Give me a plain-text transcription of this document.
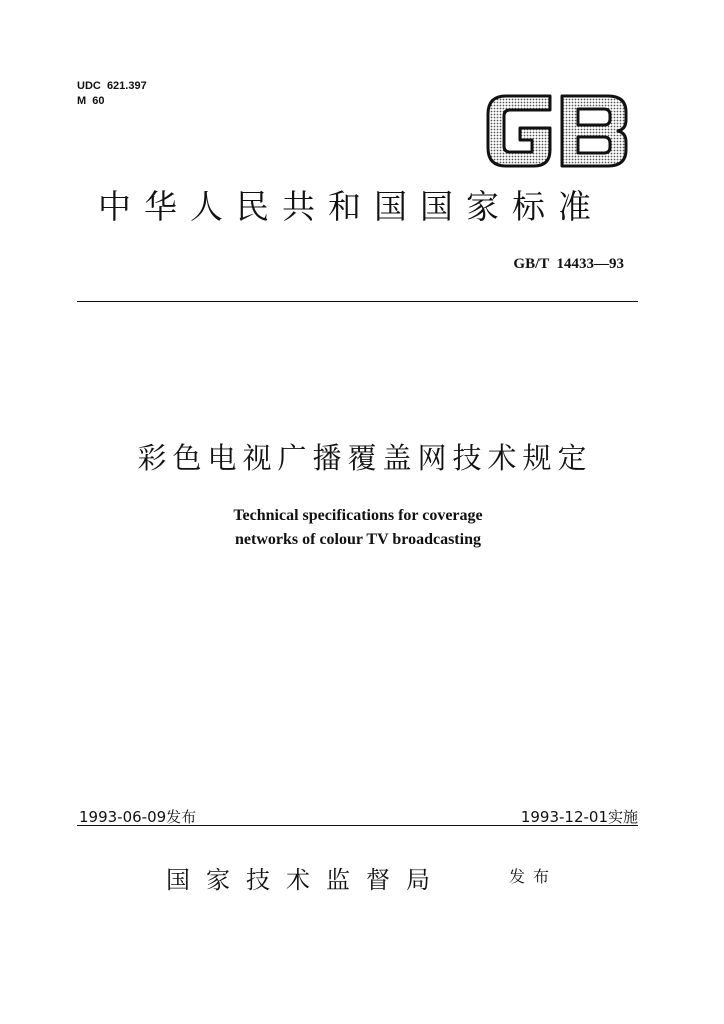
UDC  621.397
M  60
中华人民共和国国家标准
GB/T  14433—93
彩色电视广播覆盖网技术规定
Technical specifications for coverage
networks of colour TV broadcasting
1993-06-09发布	1993-12-01实施
国家技术监督局	发布
